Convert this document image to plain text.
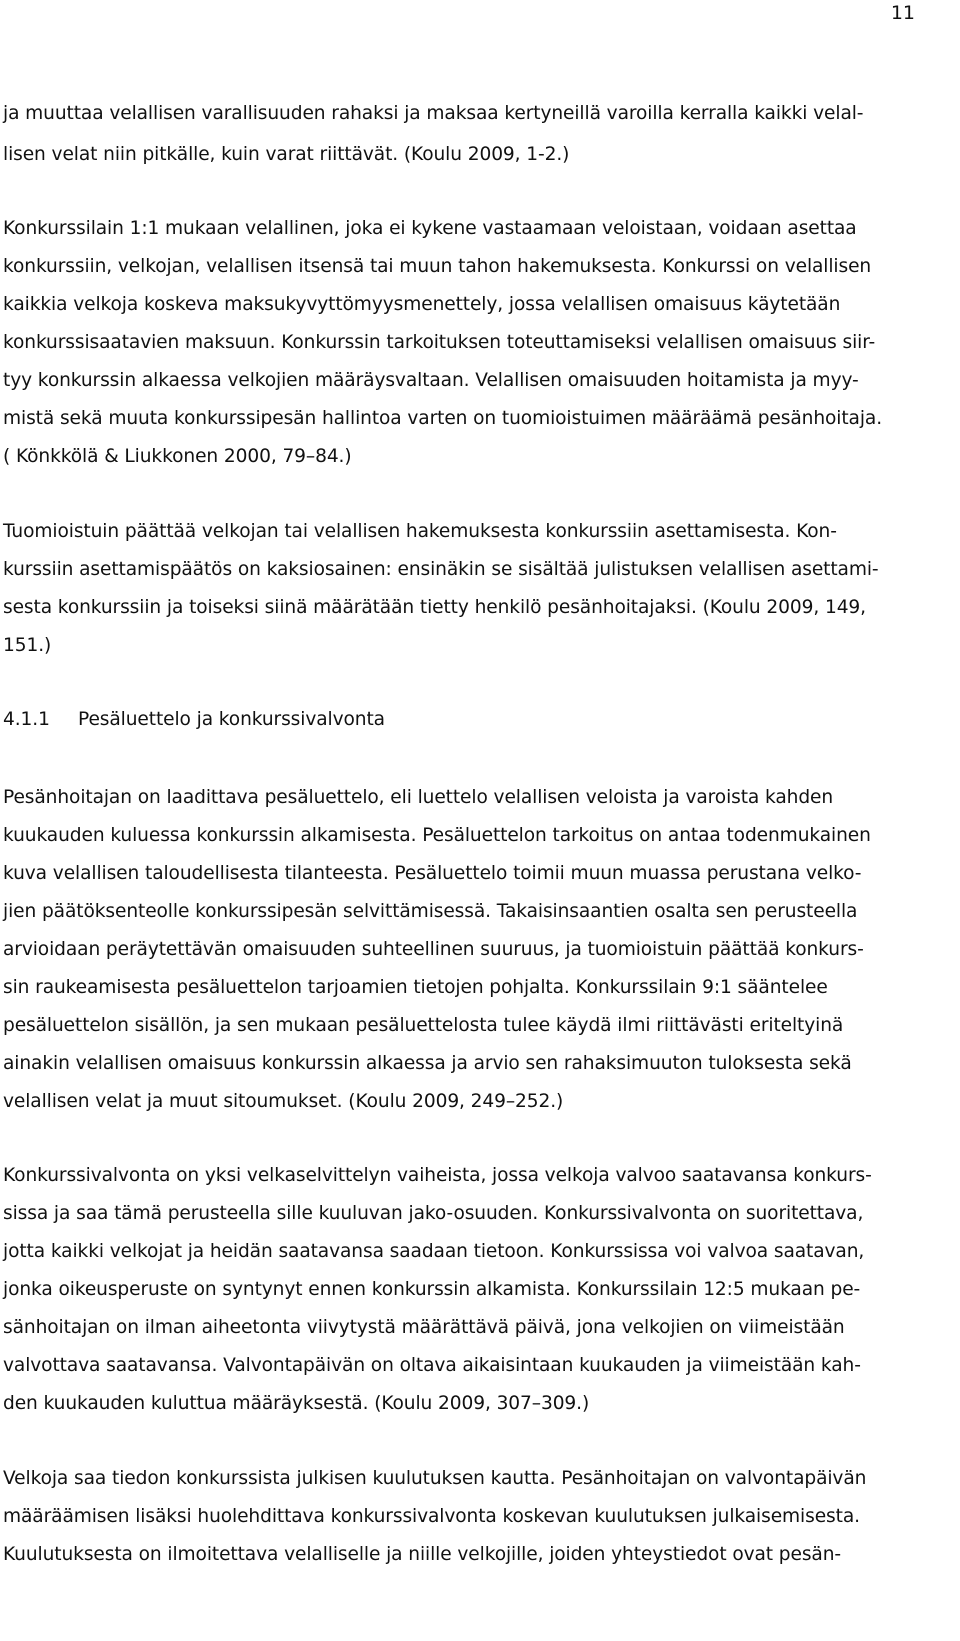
11

ja muuttaa velallisen varallisuuden rahaksi ja maksaa kertyneillä varoilla kerralla kaikki velal-

lisen velat niin pitkälle, kuin varat riittävät. (Koulu 2009, 1-2.)

Konkurssilain 1:1 mukaan velallinen, joka ei kykene vastaamaan veloistaan, voidaan asettaa

konkurssiin, velkojan, velallisen itsensä tai muun tahon hakemuksesta. Konkurssi on velallisen

kaikkia velkoja koskeva maksukyvyttömyysmenettely, jossa velallisen omaisuus käytetään

konkurssisaatavien maksuun. Konkurssin tarkoituksen toteuttamiseksi velallisen omaisuus siir-

tyy konkurssin alkaessa velkojien määräysvaltaan. Velallisen omaisuuden hoitamista ja myy-

mistä sekä muuta konkurssipesän hallintoa varten on tuomioistuimen määräämä pesänhoitaja.

( Könkkölä & Liukkonen 2000, 79–84.)

Tuomioistuin päättää velkojan tai velallisen hakemuksesta konkurssiin asettamisesta. Kon-

kurssiin asettamispäätös on kaksiosainen: ensinäkin se sisältää julistuksen velallisen asettami-

sesta konkurssiin ja toiseksi siinä määrätään tietty henkilö pesänhoitajaksi. (Koulu 2009, 149,

151.)

4.1.1 Pesäluettelo ja konkurssivalvonta

Pesänhoitajan on laadittava pesäluettelo, eli luettelo velallisen veloista ja varoista kahden

kuukauden kuluessa konkurssin alkamisesta. Pesäluettelon tarkoitus on antaa todenmukainen

kuva velallisen taloudellisesta tilanteesta. Pesäluettelo toimii muun muassa perustana velko-

jien päätöksenteolle konkurssipesän selvittämisessä. Takaisinsaantien osalta sen perusteella

arvioidaan peräytettävän omaisuuden suhteellinen suuruus, ja tuomioistuin päättää konkurs-

sin raukeamisesta pesäluettelon tarjoamien tietojen pohjalta. Konkurssilain 9:1 sääntelee

pesäluettelon sisällön, ja sen mukaan pesäluettelosta tulee käydä ilmi riittävästi eriteltyinä

ainakin velallisen omaisuus konkurssin alkaessa ja arvio sen rahaksimuuton tuloksesta sekä

velallisen velat ja muut sitoumukset. (Koulu 2009, 249–252.)

Konkurssivalvonta on yksi velkaselvittelyn vaiheista, jossa velkoja valvoo saatavansa konkurs-

sissa ja saa tämä perusteella sille kuuluvan jako-osuuden. Konkurssivalvonta on suoritettava,

jotta kaikki velkojat ja heidän saatavansa saadaan tietoon. Konkurssissa voi valvoa saatavan,

jonka oikeusperuste on syntynyt ennen konkurssin alkamista. Konkurssilain 12:5 mukaan pe-

sänhoitajan on ilman aiheetonta viivytystä määrättävä päivä, jona velkojien on viimeistään

valvottava saatavansa. Valvontapäivän on oltava aikaisintaan kuukauden ja viimeistään kah-

den kuukauden kuluttua määräyksestä. (Koulu 2009, 307–309.)

Velkoja saa tiedon konkurssista julkisen kuulutuksen kautta. Pesänhoitajan on valvontapäivän

määräämisen lisäksi huolehdittava konkurssivalvonta koskevan kuulutuksen julkaisemisesta.

Kuulutuksesta on ilmoitettava velalliselle ja niille velkojille, joiden yhteystiedot ovat pesän-
